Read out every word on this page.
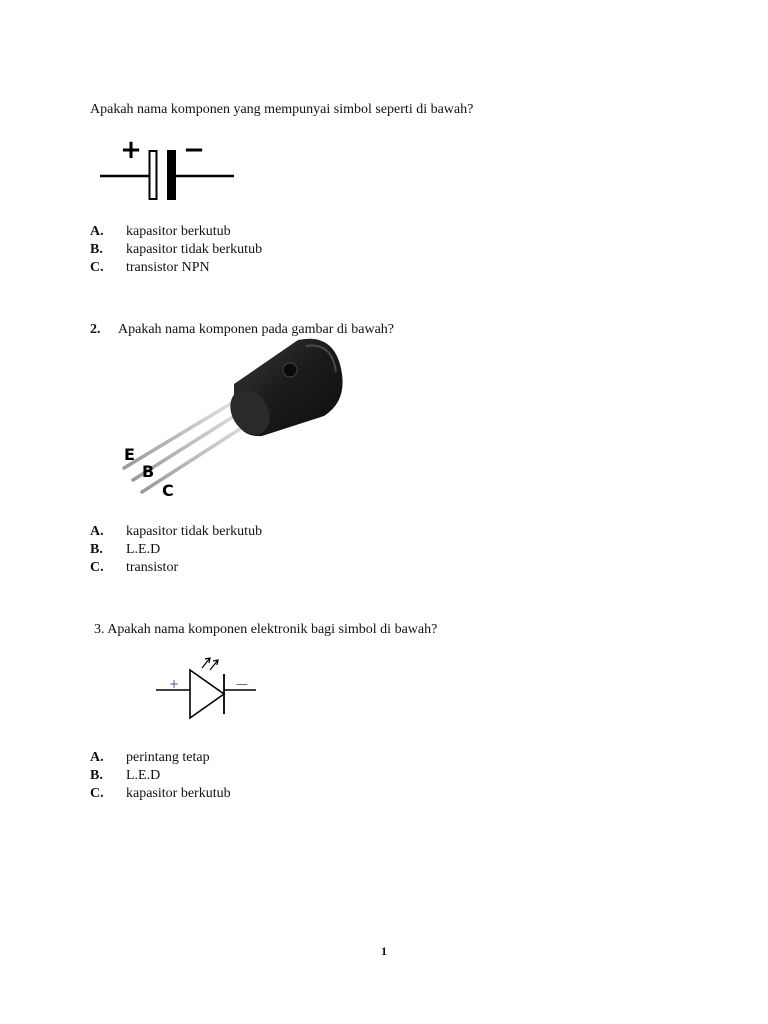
Apakah nama komponen yang mempunyai simbol seperti di bawah?
+ −
A. kapasitor berkutub
B. kapasitor tidak berkutub
C. transistor NPN
2. Apakah nama komponen pada gambar di bawah?
E
B
C
A. kapasitor tidak berkutub
B. L.E.D
C. transistor
3. Apakah nama komponen elektronik bagi simbol di bawah?
+	—
A. perintang tetap
B. L.E.D
C. kapasitor berkutub
1
